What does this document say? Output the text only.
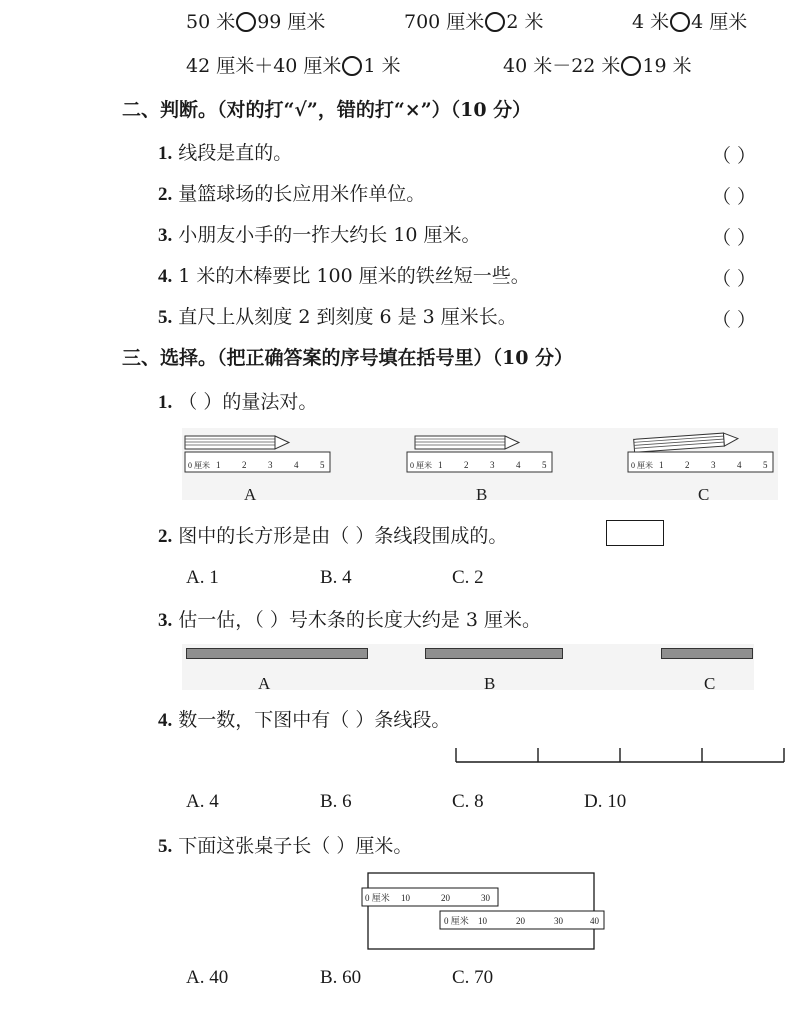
50 米 99 厘米	700 厘米 2 米	4 米 4 厘米
42 厘米＋40 厘米 1 米	40 米－22 米 19 米
二、判断。（对的打“√”，错的打“×”）（10 分）
1. 线段是直的。	（ ）
2. 量篮球场的长应用米作单位。	（ ）
3. 小朋友小手的一拃大约长 10 厘米。	（ ）
4. 1 米的木棒要比 100 厘米的铁丝短一些。	（ ）
5. 直尺上从刻度 2 到刻度 6 是 3 厘米长。	（ ）
三、选择。（把正确答案的序号填在括号里）（10 分）
1. （ ）的量法对。
0 厘米 1 2 3 4 5	0 厘米 1 2 3 4 5	0 厘米 1 2 3 4 5
A	B	C
2. 图中的长方形是由（ ）条线段围成的。
A. 1	B. 4	C. 2
3. 估一估，（ ）号木条的长度大约是 3 厘米。
A	B	C
4. 数一数，下图中有（ ）条线段。
A. 4	B. 6	C. 8	D. 10
5. 下面这张桌子长（ ）厘米。
0 厘米 10	20	30
0 厘米 10	20	30	40
A. 40	B. 60	C. 70
